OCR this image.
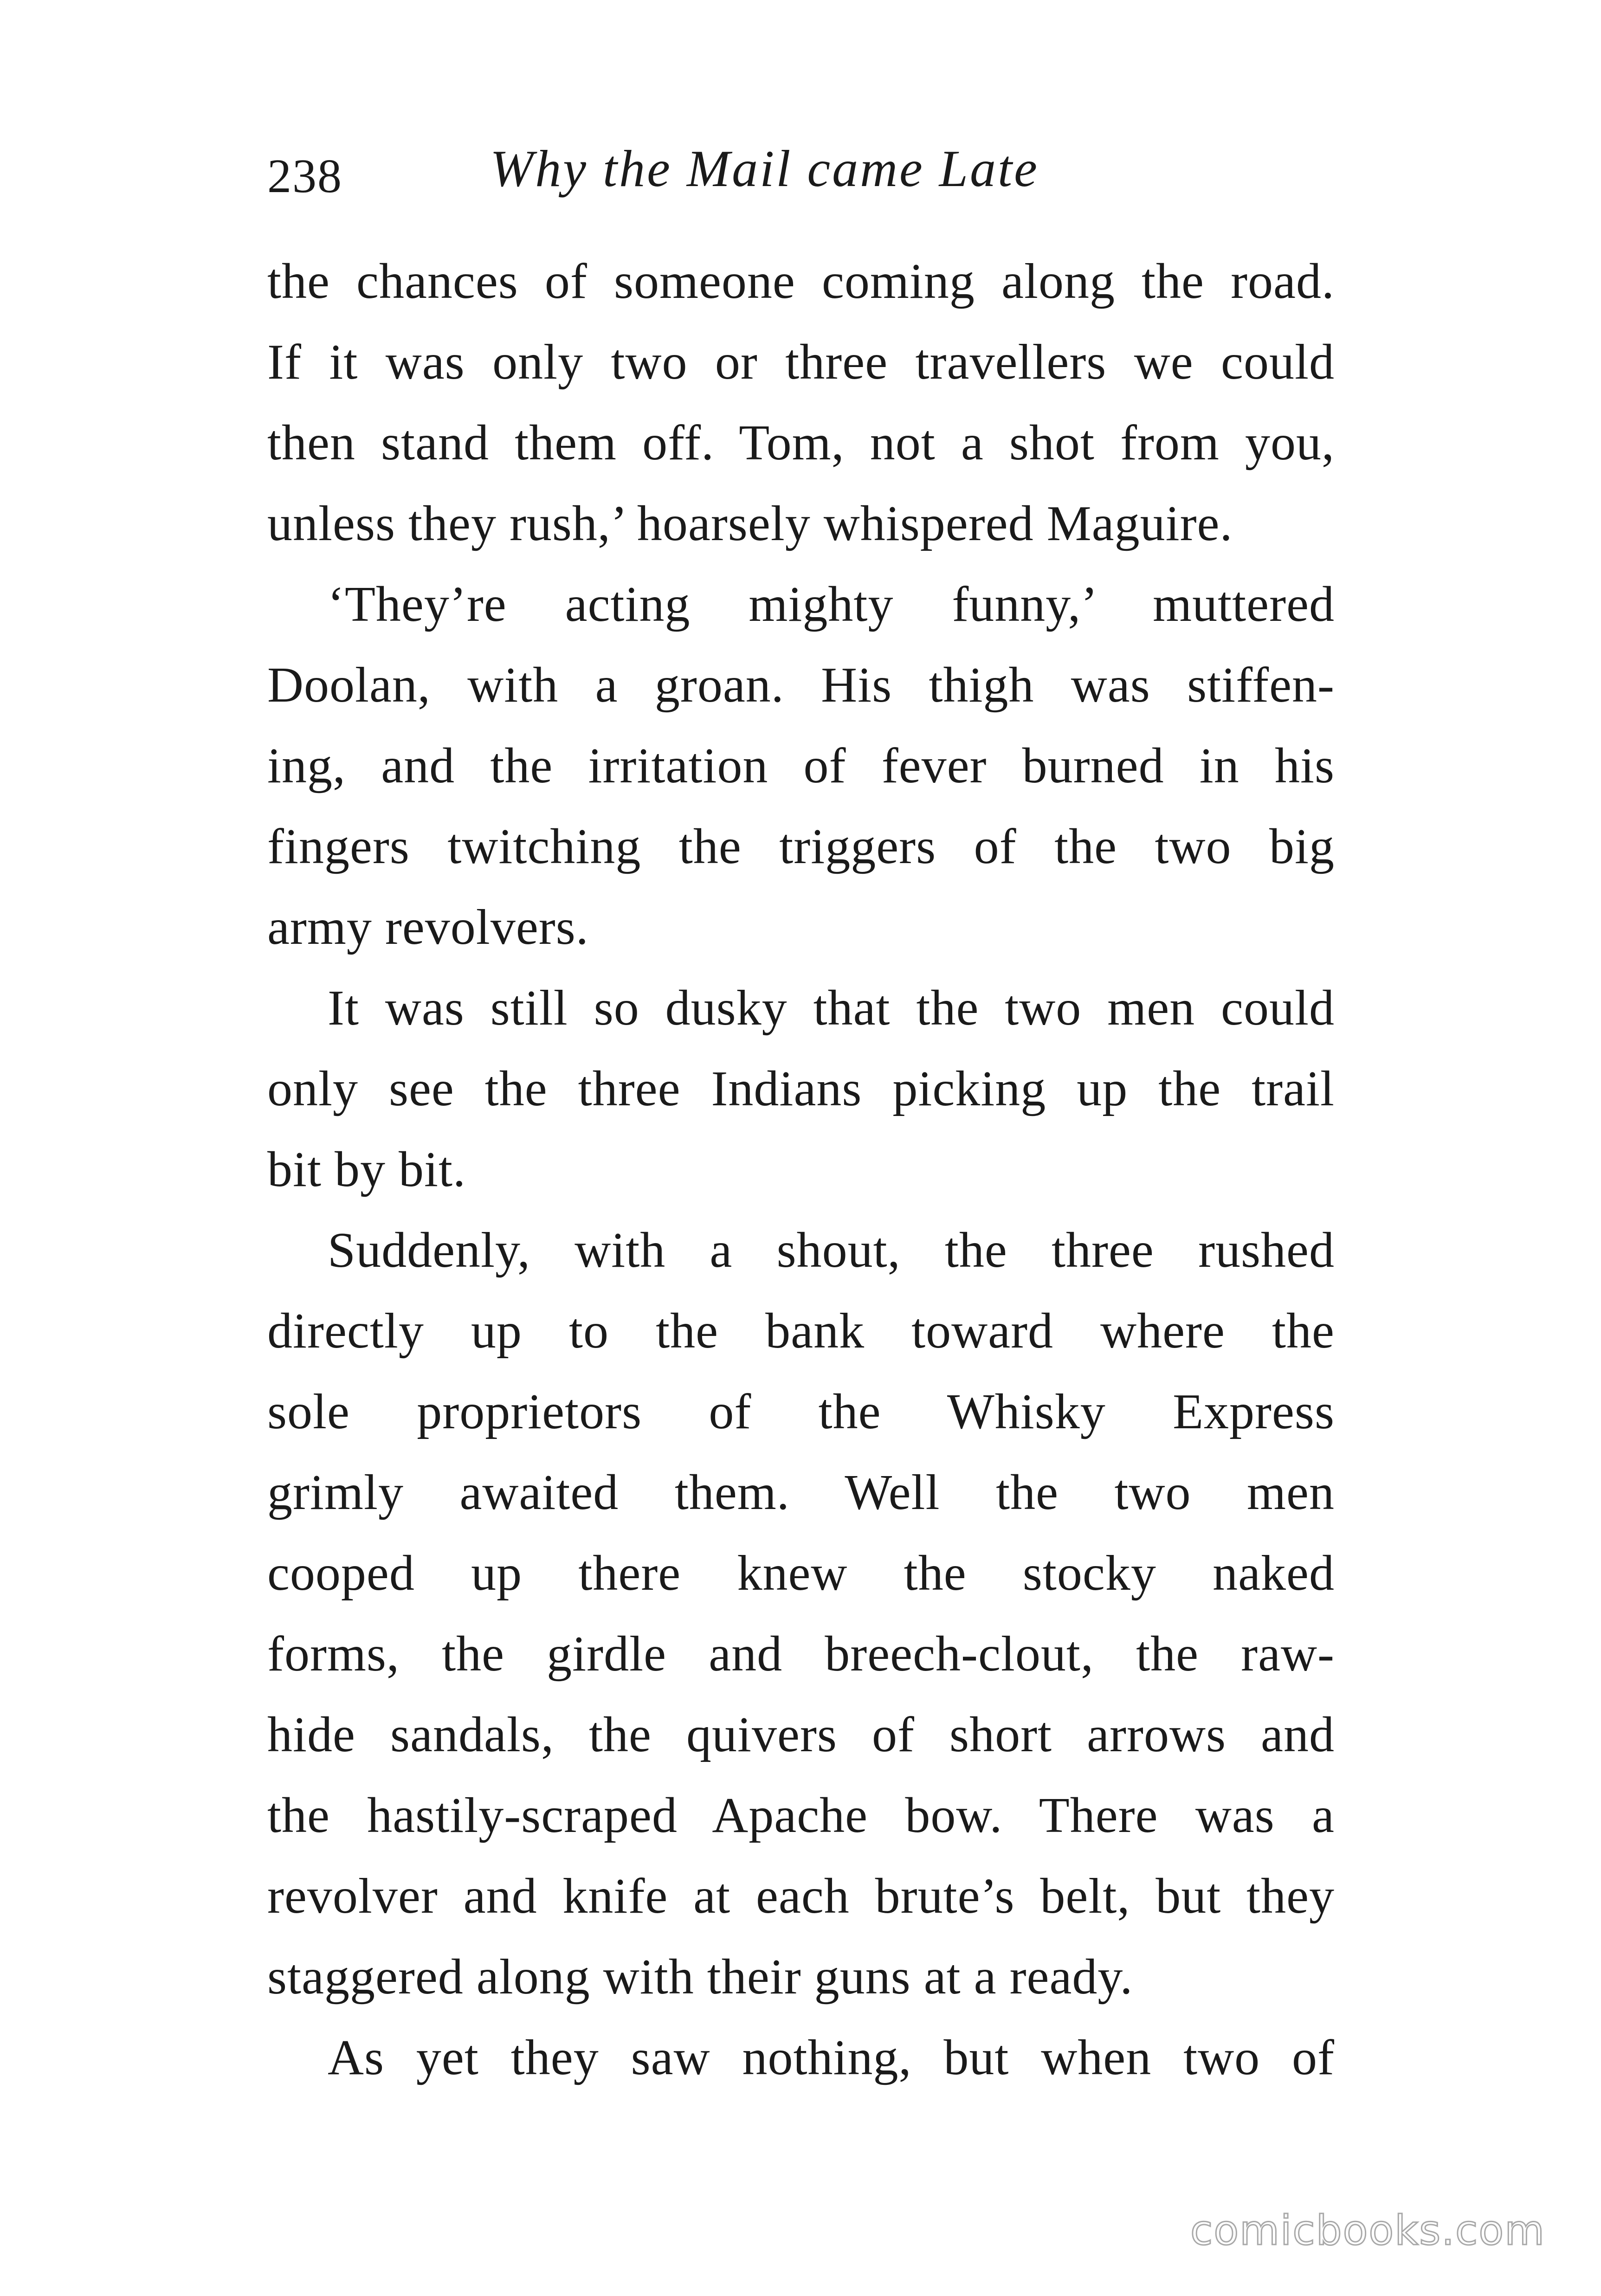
238	Why the Mail came Late
the chances of someone coming along the road.
If it was only two or three travellers we could
then stand them off. Tom, not a shot from you,
unless they rush,’ hoarsely whispered Maguire.
‘They’re acting mighty funny,’ muttered
Doolan, with a groan. His thigh was stiffen-
ing, and the irritation of fever burned in his
fingers twitching the triggers of the two big
army revolvers.
It was still so dusky that the two men could
only see the three Indians picking up the trail
bit by bit.
Suddenly, with a shout, the three rushed
directly up to the bank toward where the
sole proprietors of the Whisky Express
grimly awaited them. Well the two men
cooped up there knew the stocky naked
forms, the girdle and breech-clout, the raw-
hide sandals, the quivers of short arrows and
the hastily-scraped Apache bow. There was a
revolver and knife at each brute’s belt, but they
staggered along with their guns at a ready.
As yet they saw nothing, but when two of
comicbooks.com
